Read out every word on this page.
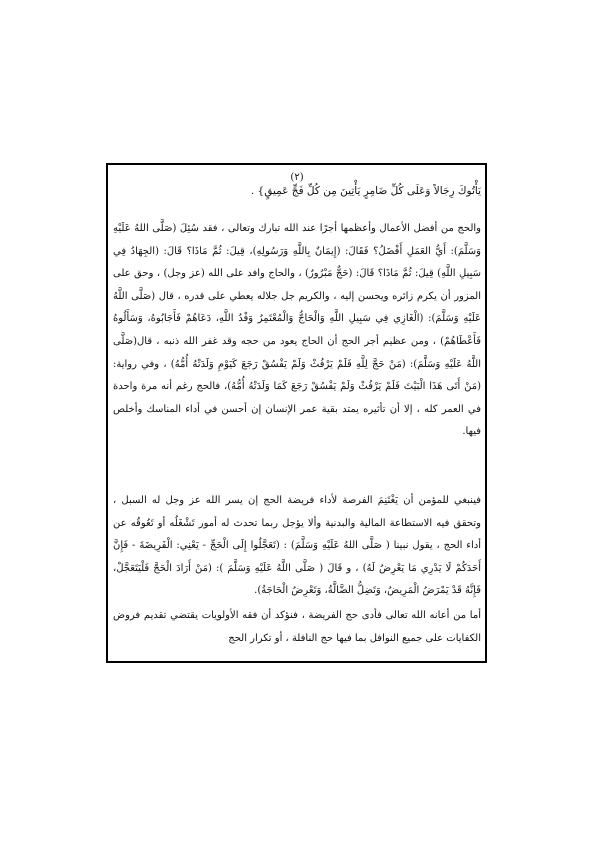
(٢)
يَأْتُوكَ رِجَالاً وَعَلَى كُلِّ ضَامِرٍ يَأْتِينَ مِن كُلِّ فَجٍّ عَمِيقٍ} .

والحج من أفضل الأعمال وأعظمها أجرًا عند الله تبارك وتعالى ، فقد سُئِلَ (صَلَّى اللهُ عَلَيْهِ وَسَلَّمَ): أَيُّ العَمَلِ أَفْضَلُ؟ فَقَالَ: (إِيمَانٌ بِاللَّهِ وَرَسُولِهِ)، قِيلَ: ثُمَّ مَاذَا؟ قَالَ: (الجِهَادُ فِي سَبِيلِ اللَّهِ) قِيلَ: ثُمَّ مَاذَا؟ قَالَ: (حَجٌّ مَبْرُورٌ) ، والحاج وافد على الله (عز وجل) ، وحق على المزور أن يكرم زائره ويحسن إليه ، والكريم جل جلاله يعطي على قدره ، قال (صَلَّى اللَّهُ عَلَيْهِ وَسَلَّمَ): (الْغَازِي فِي سَبِيلِ اللَّهِ وَالْحَاجُّ وَالْمُعْتَمِرُ وَفْدُ اللَّهِ، دَعَاهُمْ فَأَجَابُوهُ، وَسَأَلُوهُ فَأَعْطَاهُمْ) ، ومن عظيم أجر الحج أن الحاج يعود من حجه وقد غفر الله ذنبه ، قال(صَلَّى اللَّهُ عَلَيْهِ وَسَلَّمَ): (مَنْ حَجَّ لِلَّهِ فَلَمْ يَرْفُثْ وَلَمْ يَفْسُقْ رَجَعَ كَيَوْمِ وَلَدَتْهُ أُمُّهُ) ، وفي رواية: (مَنْ أَتَى هَذَا الْبَيْتَ فَلَمْ يَرْفُثْ وَلَمْ يَفْسُقْ رَجَعَ كَمَا وَلَدَتْهُ أُمُّهُ)، فالحج رغم أنه مرة واحدة في العمر كله ، إلا أن تأثيره يمتد بقية عمر الإنسان إن أحسن في أداء المناسك وأخلص فيها.

فينبغي للمؤمن أن يَغْتَنِمَ الفرصة لأداء فريضة الحج إن يسر الله عز وجل له السبل ، وتحقق فيه الاستطاعة المالية والبدنية وألا يؤجل ربما تحدث له أمور تَشْغَلُه أو تَعُوقُه عن أداء الحج ، يقول نبينا ( صَلَّى اللهُ عَلَيْهِ وَسَلَّمَ) : (تَعَجَّلُوا إِلَى الْحَجِّ - يَعْنِي: الْفَرِيضَةَ - فَإِنَّ أَحَدَكُمْ لَا يَدْرِي مَا يَعْرِضُ لَهُ) ، و قَالَ ( صَلَّى اللَّهُ عَلَيْهِ وَسَلَّمَ ): (مَنْ أَرَادَ الْحَجَّ فَلْيَتَعَجَّلْ، فَإِنَّهُ قَدْ يَمْرَضُ الْمَرِيضُ، وَتَضِلُّ الضَّالَّةُ، وَتَعْرِضُ الْحَاجَةُ).

أما من أعانه الله تعالى فأدى حج الفريضة ، فنؤكد أن فقه الأولويات يقتضي تقديم فروض الكفايات على جميع النوافل بما فيها حج النافلة ، أو تكرار الحج
